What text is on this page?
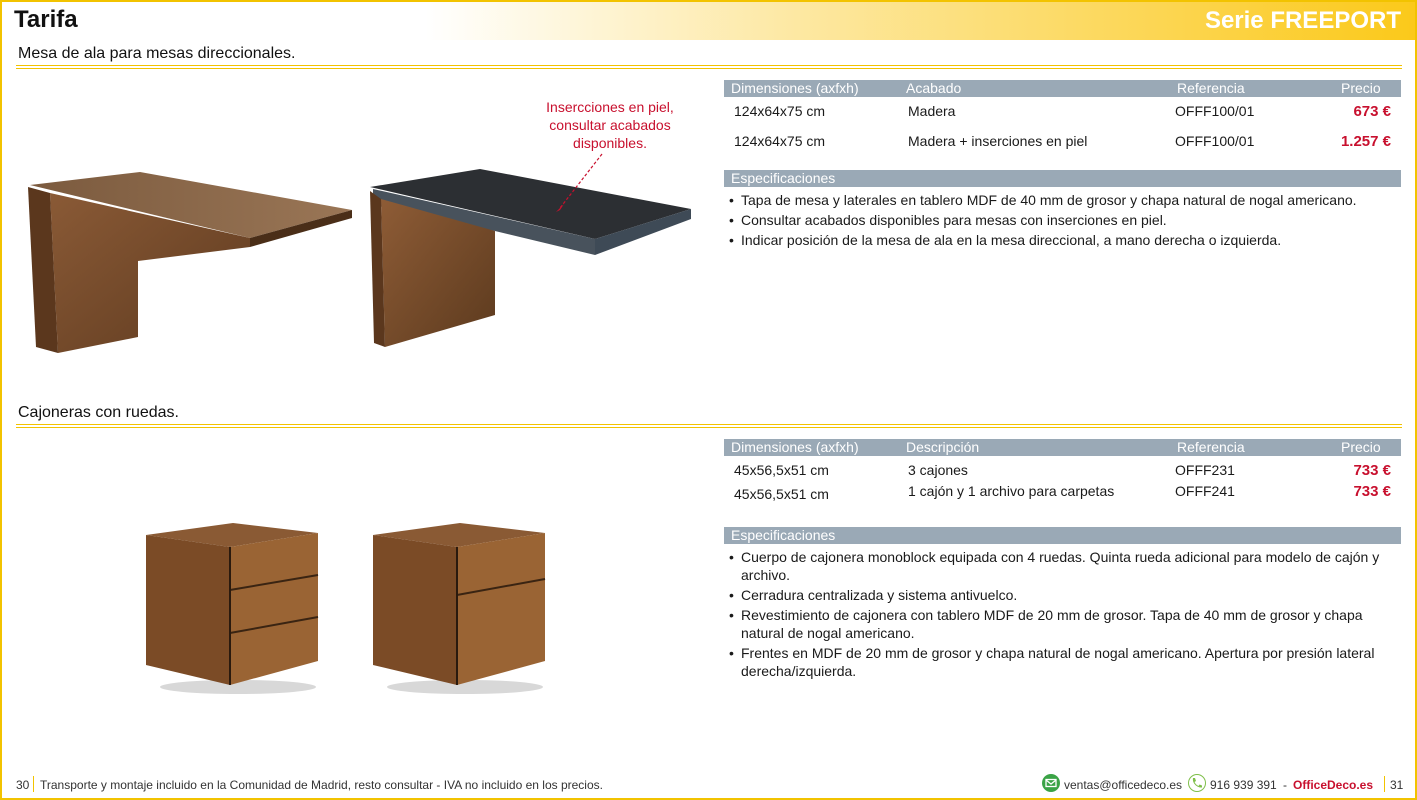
Tarifa	Serie FREEPORT
Mesa de ala para mesas direccionales.
Insercciones en piel, consultar acabados disponibles.
Dimensiones (axfxh)	Acabado	Referencia	Precio
124x64x75 cm	Madera	OFFF100/01	673 €
124x64x75 cm	Madera + inserciones en piel	OFFF100/01	1.257 €
Especificaciones
• Tapa de mesa y laterales en tablero MDF de 40 mm de grosor y chapa natural de nogal americano.
• Consultar acabados disponibles para mesas con inserciones en piel.
• Indicar posición de la mesa de ala en la mesa direccional, a mano derecha o izquierda.
Cajoneras con ruedas.
Dimensiones (axfxh)	Descripción	Referencia	Precio
45x56,5x51 cm	3 cajones	OFFF231	733 €
45x56,5x51 cm	1 cajón y 1 archivo para carpetas	OFFF241	733 €
Especificaciones
• Cuerpo de cajonera monoblock equipada con 4 ruedas. Quinta rueda adicional para modelo de cajón y archivo.
• Cerradura centralizada y sistema antivuelco.
• Revestimiento de cajonera con tablero MDF de 20 mm de grosor. Tapa de 40 mm de grosor y chapa natural de nogal americano.
• Frentes en MDF de 20 mm de grosor y chapa natural de nogal americano. Apertura por presión lateral derecha/izquierda.
30 Transporte y montaje incluido en la Comunidad de Madrid, resto consultar - IVA no incluido en los precios.	ventas@officedeco.es 916 939 391 - OfficeDeco.es 31
